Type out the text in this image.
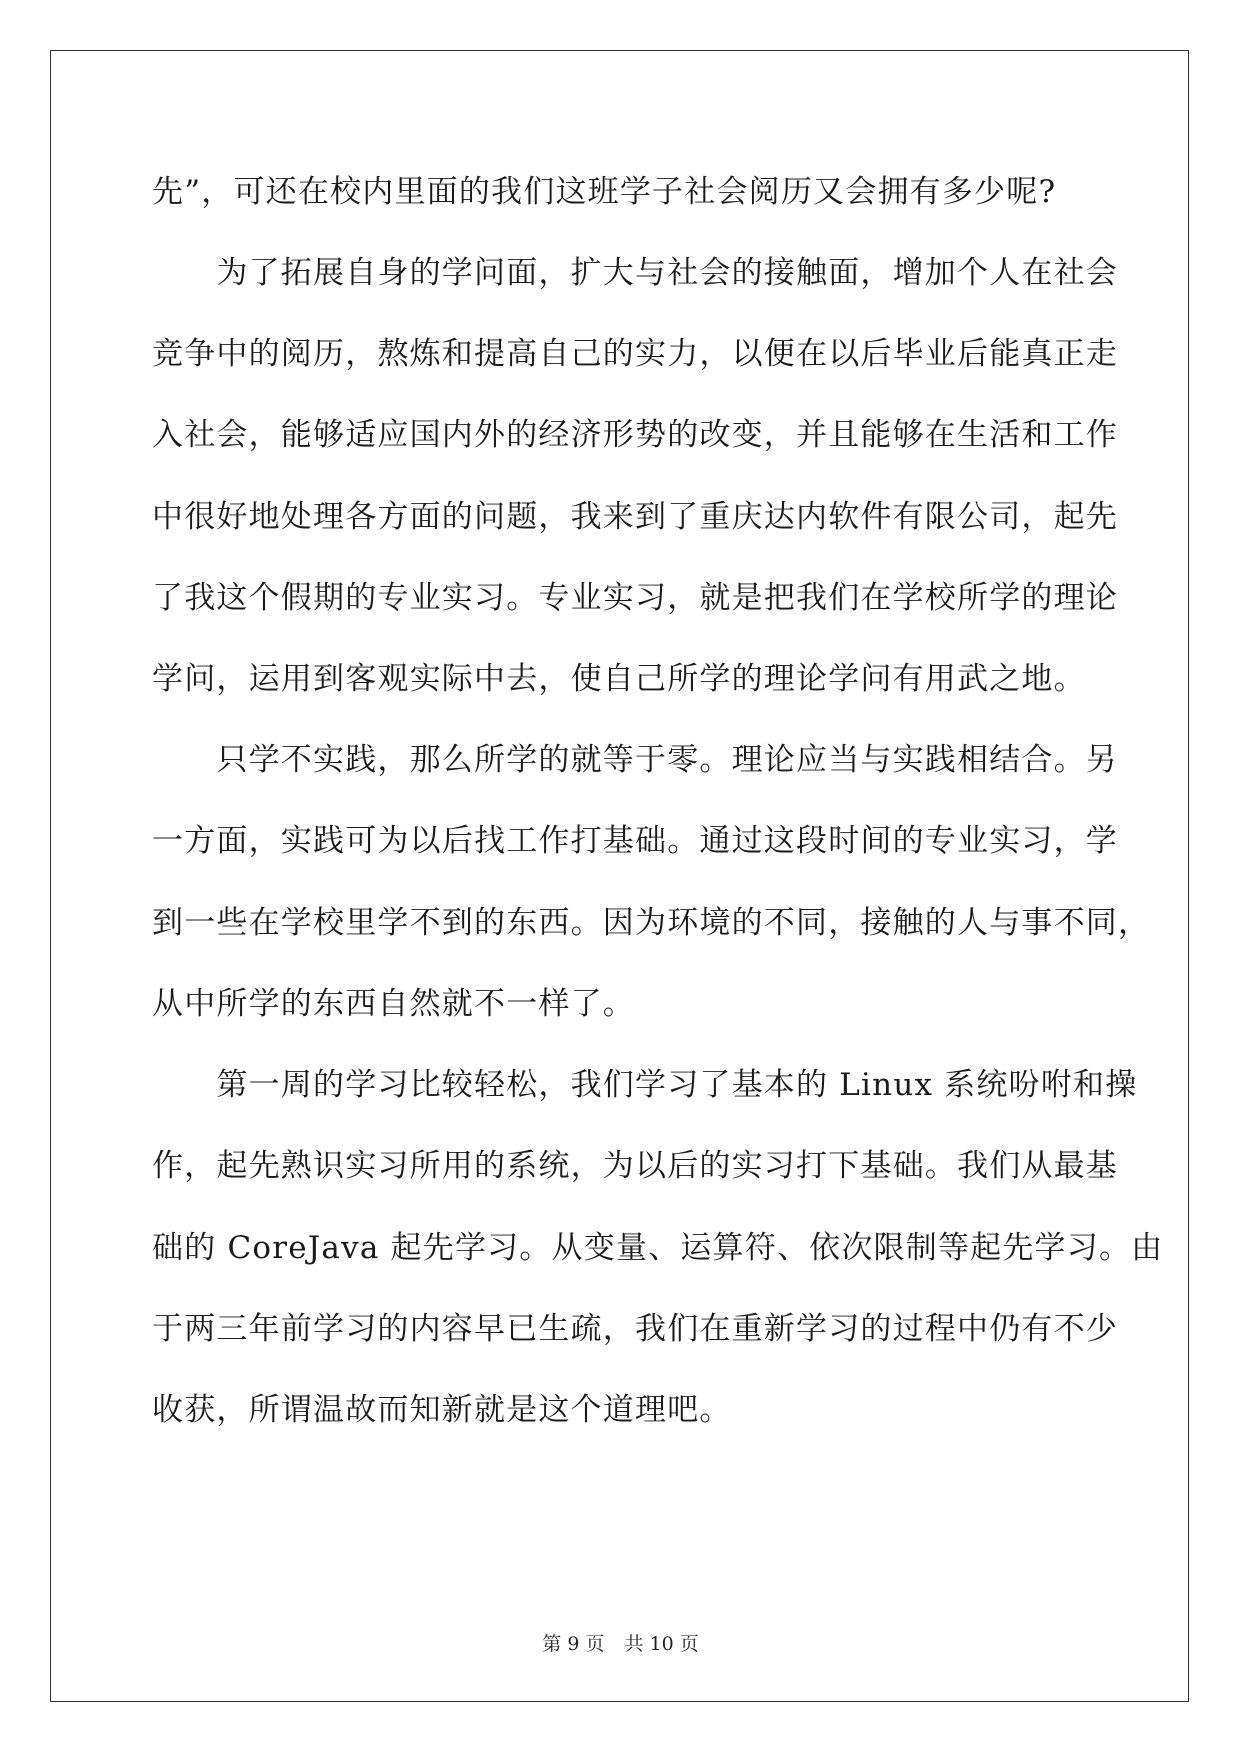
先”，可还在校内里面的我们这班学子社会阅历又会拥有多少呢?
　　为了拓展自身的学问面，扩大与社会的接触面，增加个人在社会
竞争中的阅历，熬炼和提高自己的实力，以便在以后毕业后能真正走
入社会，能够适应国内外的经济形势的改变，并且能够在生活和工作
中很好地处理各方面的问题，我来到了重庆达内软件有限公司，起先
了我这个假期的专业实习。专业实习，就是把我们在学校所学的理论
学问，运用到客观实际中去，使自己所学的理论学问有用武之地。
　　只学不实践，那么所学的就等于零。理论应当与实践相结合。另
一方面，实践可为以后找工作打基础。通过这段时间的专业实习，学
到一些在学校里学不到的东西。因为环境的不同，接触的人与事不同，
从中所学的东西自然就不一样了。
　　第一周的学习比较轻松，我们学习了基本的 Linux 系统吩咐和操
作，起先熟识实习所用的系统，为以后的实习打下基础。我们从最基
础的 CoreJava 起先学习。从变量、运算符、依次限制等起先学习。由
于两三年前学习的内容早已生疏，我们在重新学习的过程中仍有不少
收获，所谓温故而知新就是这个道理吧。
第 9 页 共 10 页
